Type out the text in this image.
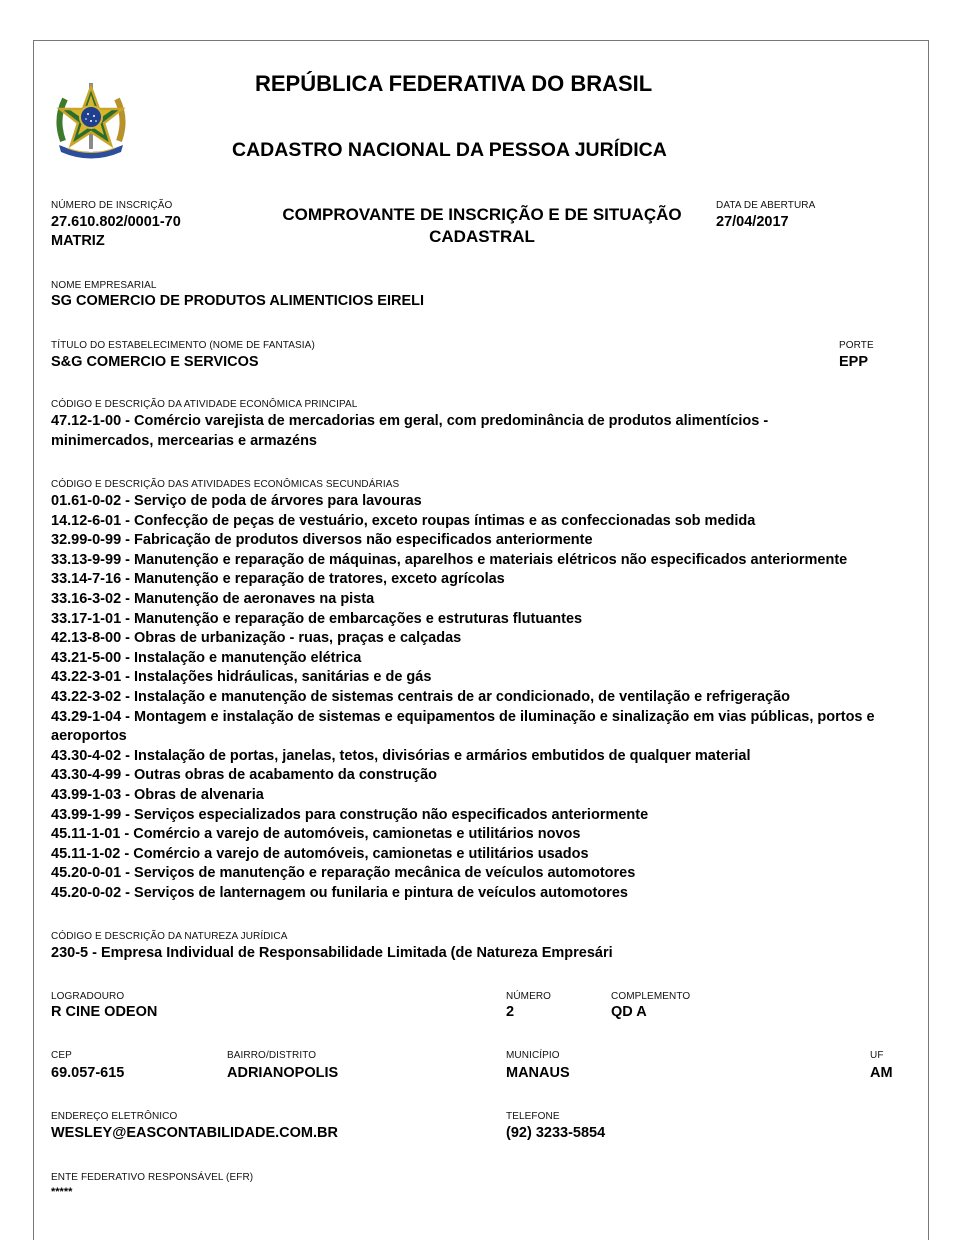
REPÚBLICA FEDERATIVA DO BRASIL
CADASTRO NACIONAL DA PESSOA JURÍDICA
NÚMERO DE INSCRIÇÃO
27.610.802/0001-70
MATRIZ
COMPROVANTE DE INSCRIÇÃO E DE SITUAÇÃO CADASTRAL
DATA DE ABERTURA
27/04/2017
NOME EMPRESARIAL
SG COMERCIO DE PRODUTOS ALIMENTICIOS EIRELI
TÍTULO DO ESTABELECIMENTO (NOME DE FANTASIA)
S&G COMERCIO E SERVICOS
PORTE
EPP
CÓDIGO E DESCRIÇÃO DA ATIVIDADE ECONÔMICA PRINCIPAL
47.12-1-00 - Comércio varejista de mercadorias em geral, com predominância de produtos alimentícios - minimercados, mercearias e armazéns
CÓDIGO E DESCRIÇÃO DAS ATIVIDADES ECONÔMICAS SECUNDÁRIAS
01.61-0-02 - Serviço de poda de árvores para lavouras
14.12-6-01 - Confecção de peças de vestuário, exceto roupas íntimas e as confeccionadas sob medida
32.99-0-99 - Fabricação de produtos diversos não especificados anteriormente
33.13-9-99 - Manutenção e reparação de máquinas, aparelhos e materiais elétricos não especificados anteriormente
33.14-7-16 - Manutenção e reparação de tratores, exceto agrícolas
33.16-3-02 - Manutenção de aeronaves na pista
33.17-1-01 - Manutenção e reparação de embarcações e estruturas flutuantes
42.13-8-00 - Obras de urbanização - ruas, praças e calçadas
43.21-5-00 - Instalação e manutenção elétrica
43.22-3-01 - Instalações hidráulicas, sanitárias e de gás
43.22-3-02 - Instalação e manutenção de sistemas centrais de ar condicionado, de ventilação e refrigeração
43.29-1-04 - Montagem e instalação de sistemas e equipamentos de iluminação e sinalização em vias públicas, portos e aeroportos
43.30-4-02 - Instalação de portas, janelas, tetos, divisórias e armários embutidos de qualquer material
43.30-4-99 - Outras obras de acabamento da construção
43.99-1-03 - Obras de alvenaria
43.99-1-99 - Serviços especializados para construção não especificados anteriormente
45.11-1-01 - Comércio a varejo de automóveis, camionetas e utilitários novos
45.11-1-02 - Comércio a varejo de automóveis, camionetas e utilitários usados
45.20-0-01 - Serviços de manutenção e reparação mecânica de veículos automotores
45.20-0-02 - Serviços de lanternagem ou funilaria e pintura de veículos automotores
CÓDIGO E DESCRIÇÃO DA NATUREZA JURÍDICA
230-5 - Empresa Individual de Responsabilidade Limitada (de Natureza Empresári
LOGRADOURO
R CINE ODEON
NÚMERO
2
COMPLEMENTO
QD A
CEP
69.057-615
BAIRRO/DISTRITO
ADRIANOPOLIS
MUNICÍPIO
MANAUS
UF
AM
ENDEREÇO ELETRÔNICO
WESLEY@EASCONTABILIDADE.COM.BR
TELEFONE
(92) 3233-5854
ENTE FEDERATIVO RESPONSÁVEL (EFR)
*****
